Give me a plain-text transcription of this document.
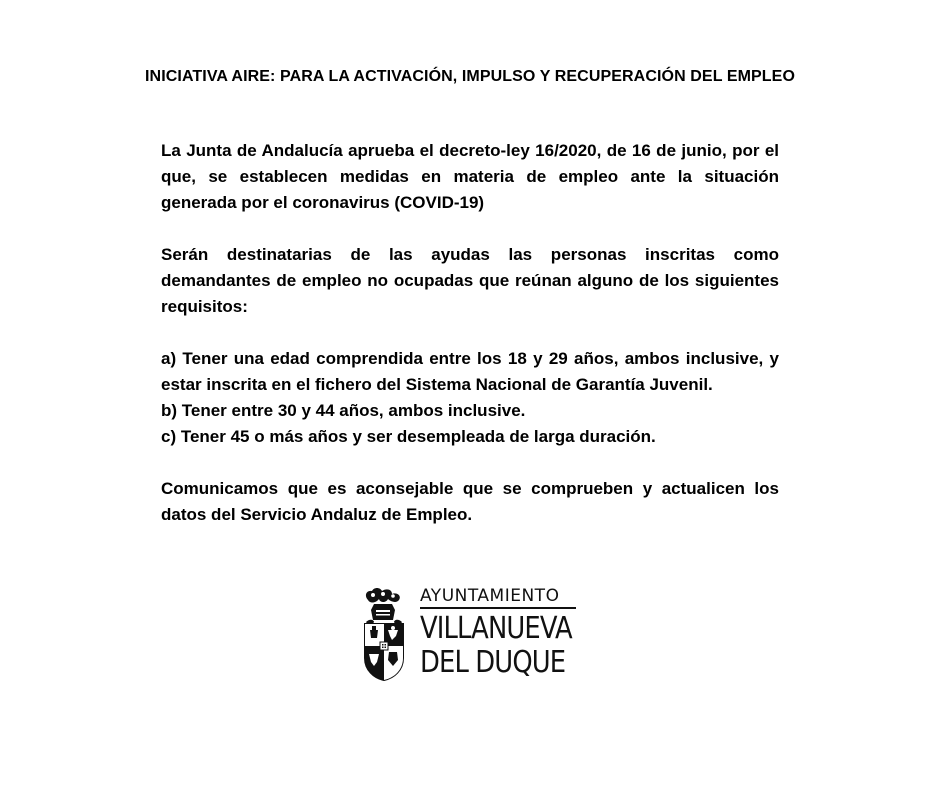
INICIATIVA AIRE: PARA LA ACTIVACIÓN, IMPULSO Y RECUPERACIÓN DEL EMPLEO

La Junta de Andalucía aprueba el decreto-ley 16/2020, de 16 de junio, por el que, se establecen medidas en materia de empleo ante la situación generada por el coronavirus (COVID-19)

Serán destinatarias de las ayudas las personas inscritas como demandantes de empleo no ocupadas que reúnan alguno de los siguientes requisitos:

a) Tener una edad comprendida entre los 18 y 29 años, ambos inclusive, y estar inscrita en el fichero del Sistema Nacional de Garantía Juvenil.

b) Tener entre 30 y 44 años, ambos inclusive.

c) Tener 45 o más años y ser desempleada de larga duración.

Comunicamos que es aconsejable que se comprueben y actualicen los datos del Servicio Andaluz de Empleo.

AYUNTAMIENTO
VILLANUEVA
DEL DUQUE
